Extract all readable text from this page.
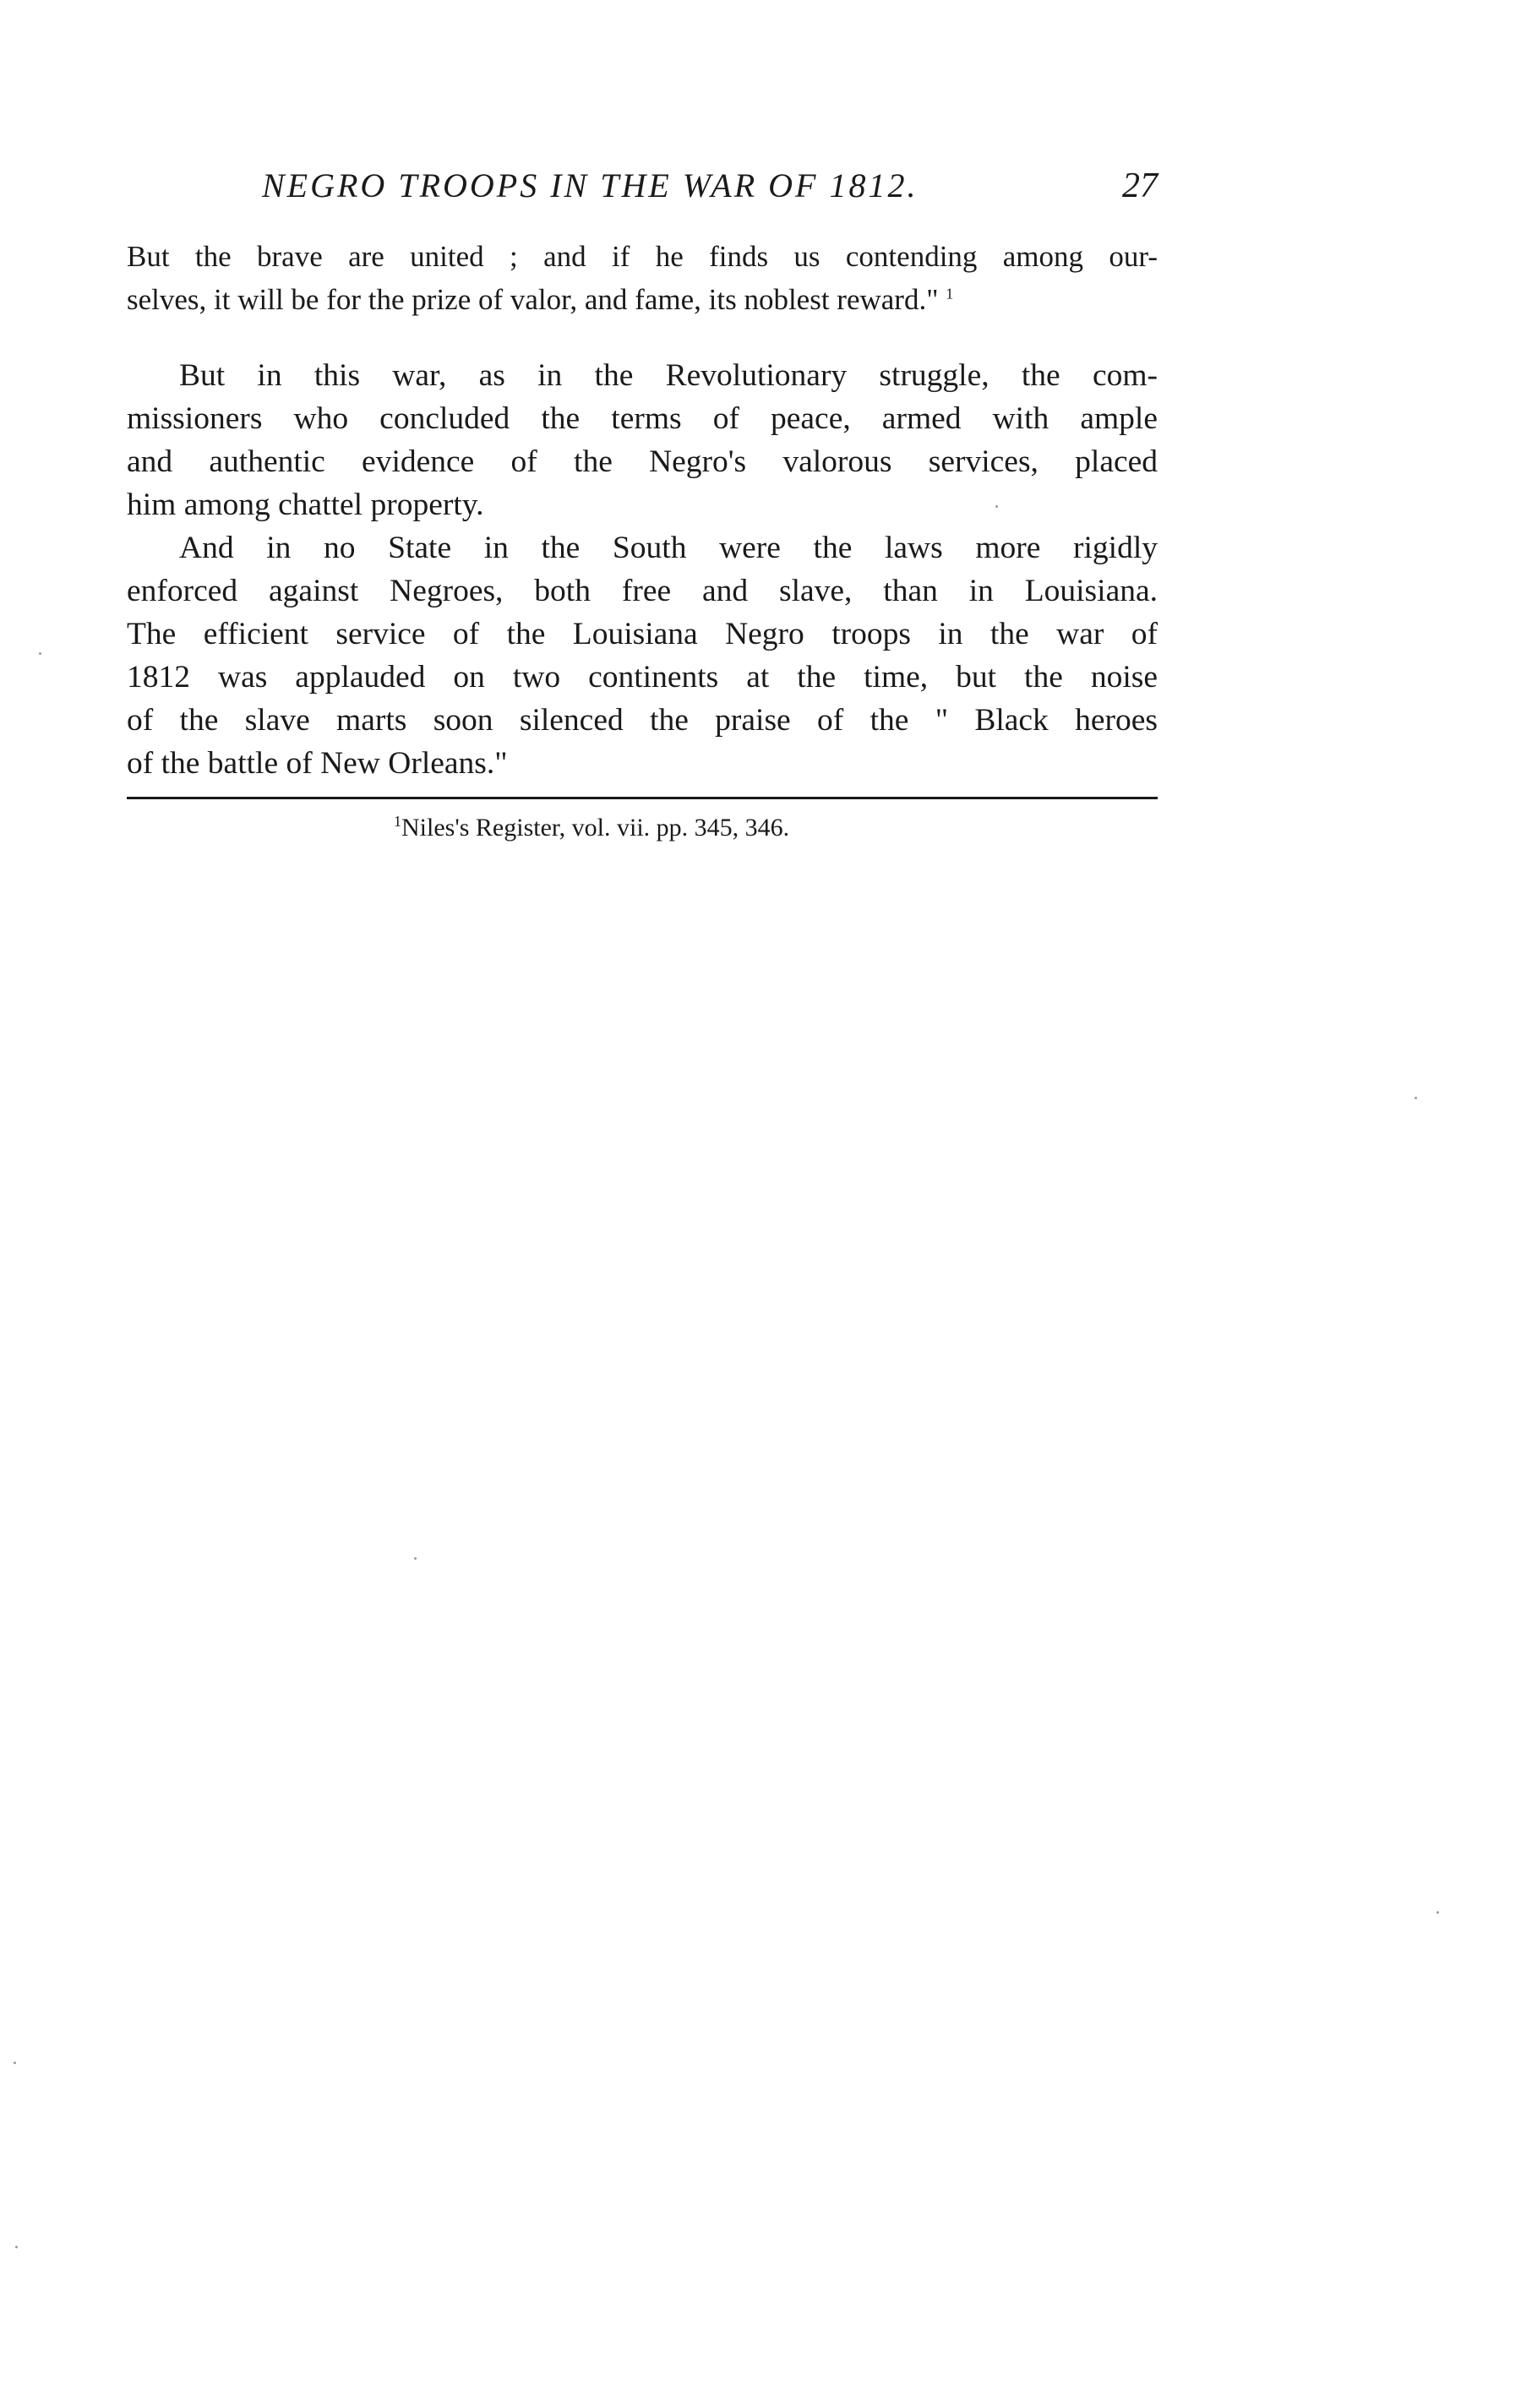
NEGRO TROOPS IN THE WAR OF 1812.	27
But the brave are united ; and if he finds us contending among our-
selves, it will be for the prize of valor, and fame, its noblest reward." $^1$
But in this war, as in the Revolutionary struggle, the com-
missioners who concluded the terms of peace, armed with ample
and authentic evidence of the Negro's valorous services, placed
him among chattel property.
And in no State in the South were the laws more rigidly
enforced against Negroes, both free and slave, than in Louisiana.
The efficient service of the Louisiana Negro troops in the war of
1812 was applauded on two continents at the time, but the noise
of the slave marts soon silenced the praise of the " Black heroes
of the battle of New Orleans."
$^1$Niles's Register, vol. vii. pp. 345, 346.
